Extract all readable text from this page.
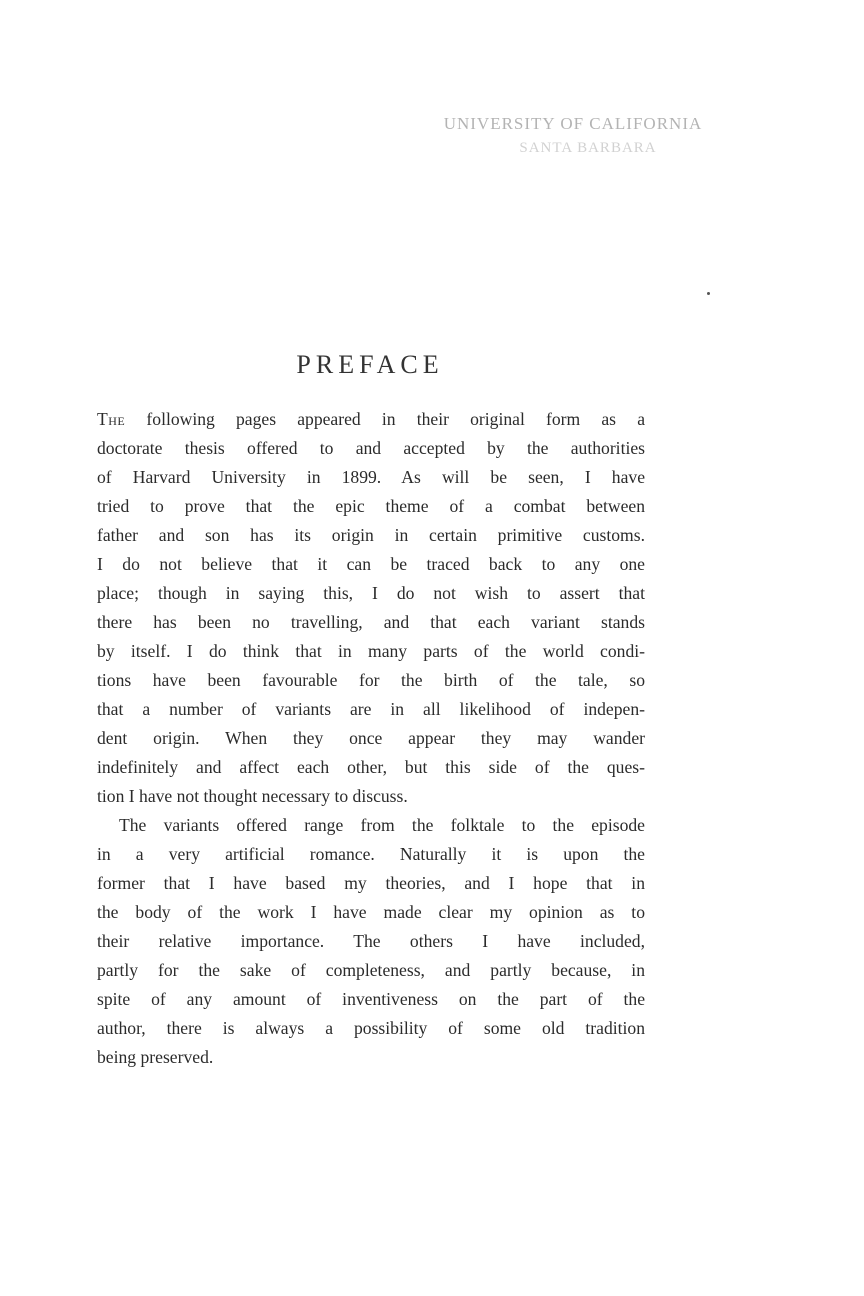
UNIVERSITY OF CALIFORNIA
SANTA BARBARA
PREFACE
The following pages appeared in their original form as a
doctorate thesis offered to and accepted by the authorities
of Harvard University in 1899. As will be seen, I have
tried to prove that the epic theme of a combat between
father and son has its origin in certain primitive customs.
I do not believe that it can be traced back to any one
place; though in saying this, I do not wish to assert that
there has been no travelling, and that each variant stands
by itself. I do think that in many parts of the world condi-
tions have been favourable for the birth of the tale, so
that a number of variants are in all likelihood of indepen-
dent origin. When they once appear they may wander
indefinitely and affect each other, but this side of the ques-
tion I have not thought necessary to discuss.
The variants offered range from the folktale to the episode
in a very artificial romance. Naturally it is upon the
former that I have based my theories, and I hope that in
the body of the work I have made clear my opinion as to
their relative importance. The others I have included,
partly for the sake of completeness, and partly because, in
spite of any amount of inventiveness on the part of the
author, there is always a possibility of some old tradition
being preserved.
